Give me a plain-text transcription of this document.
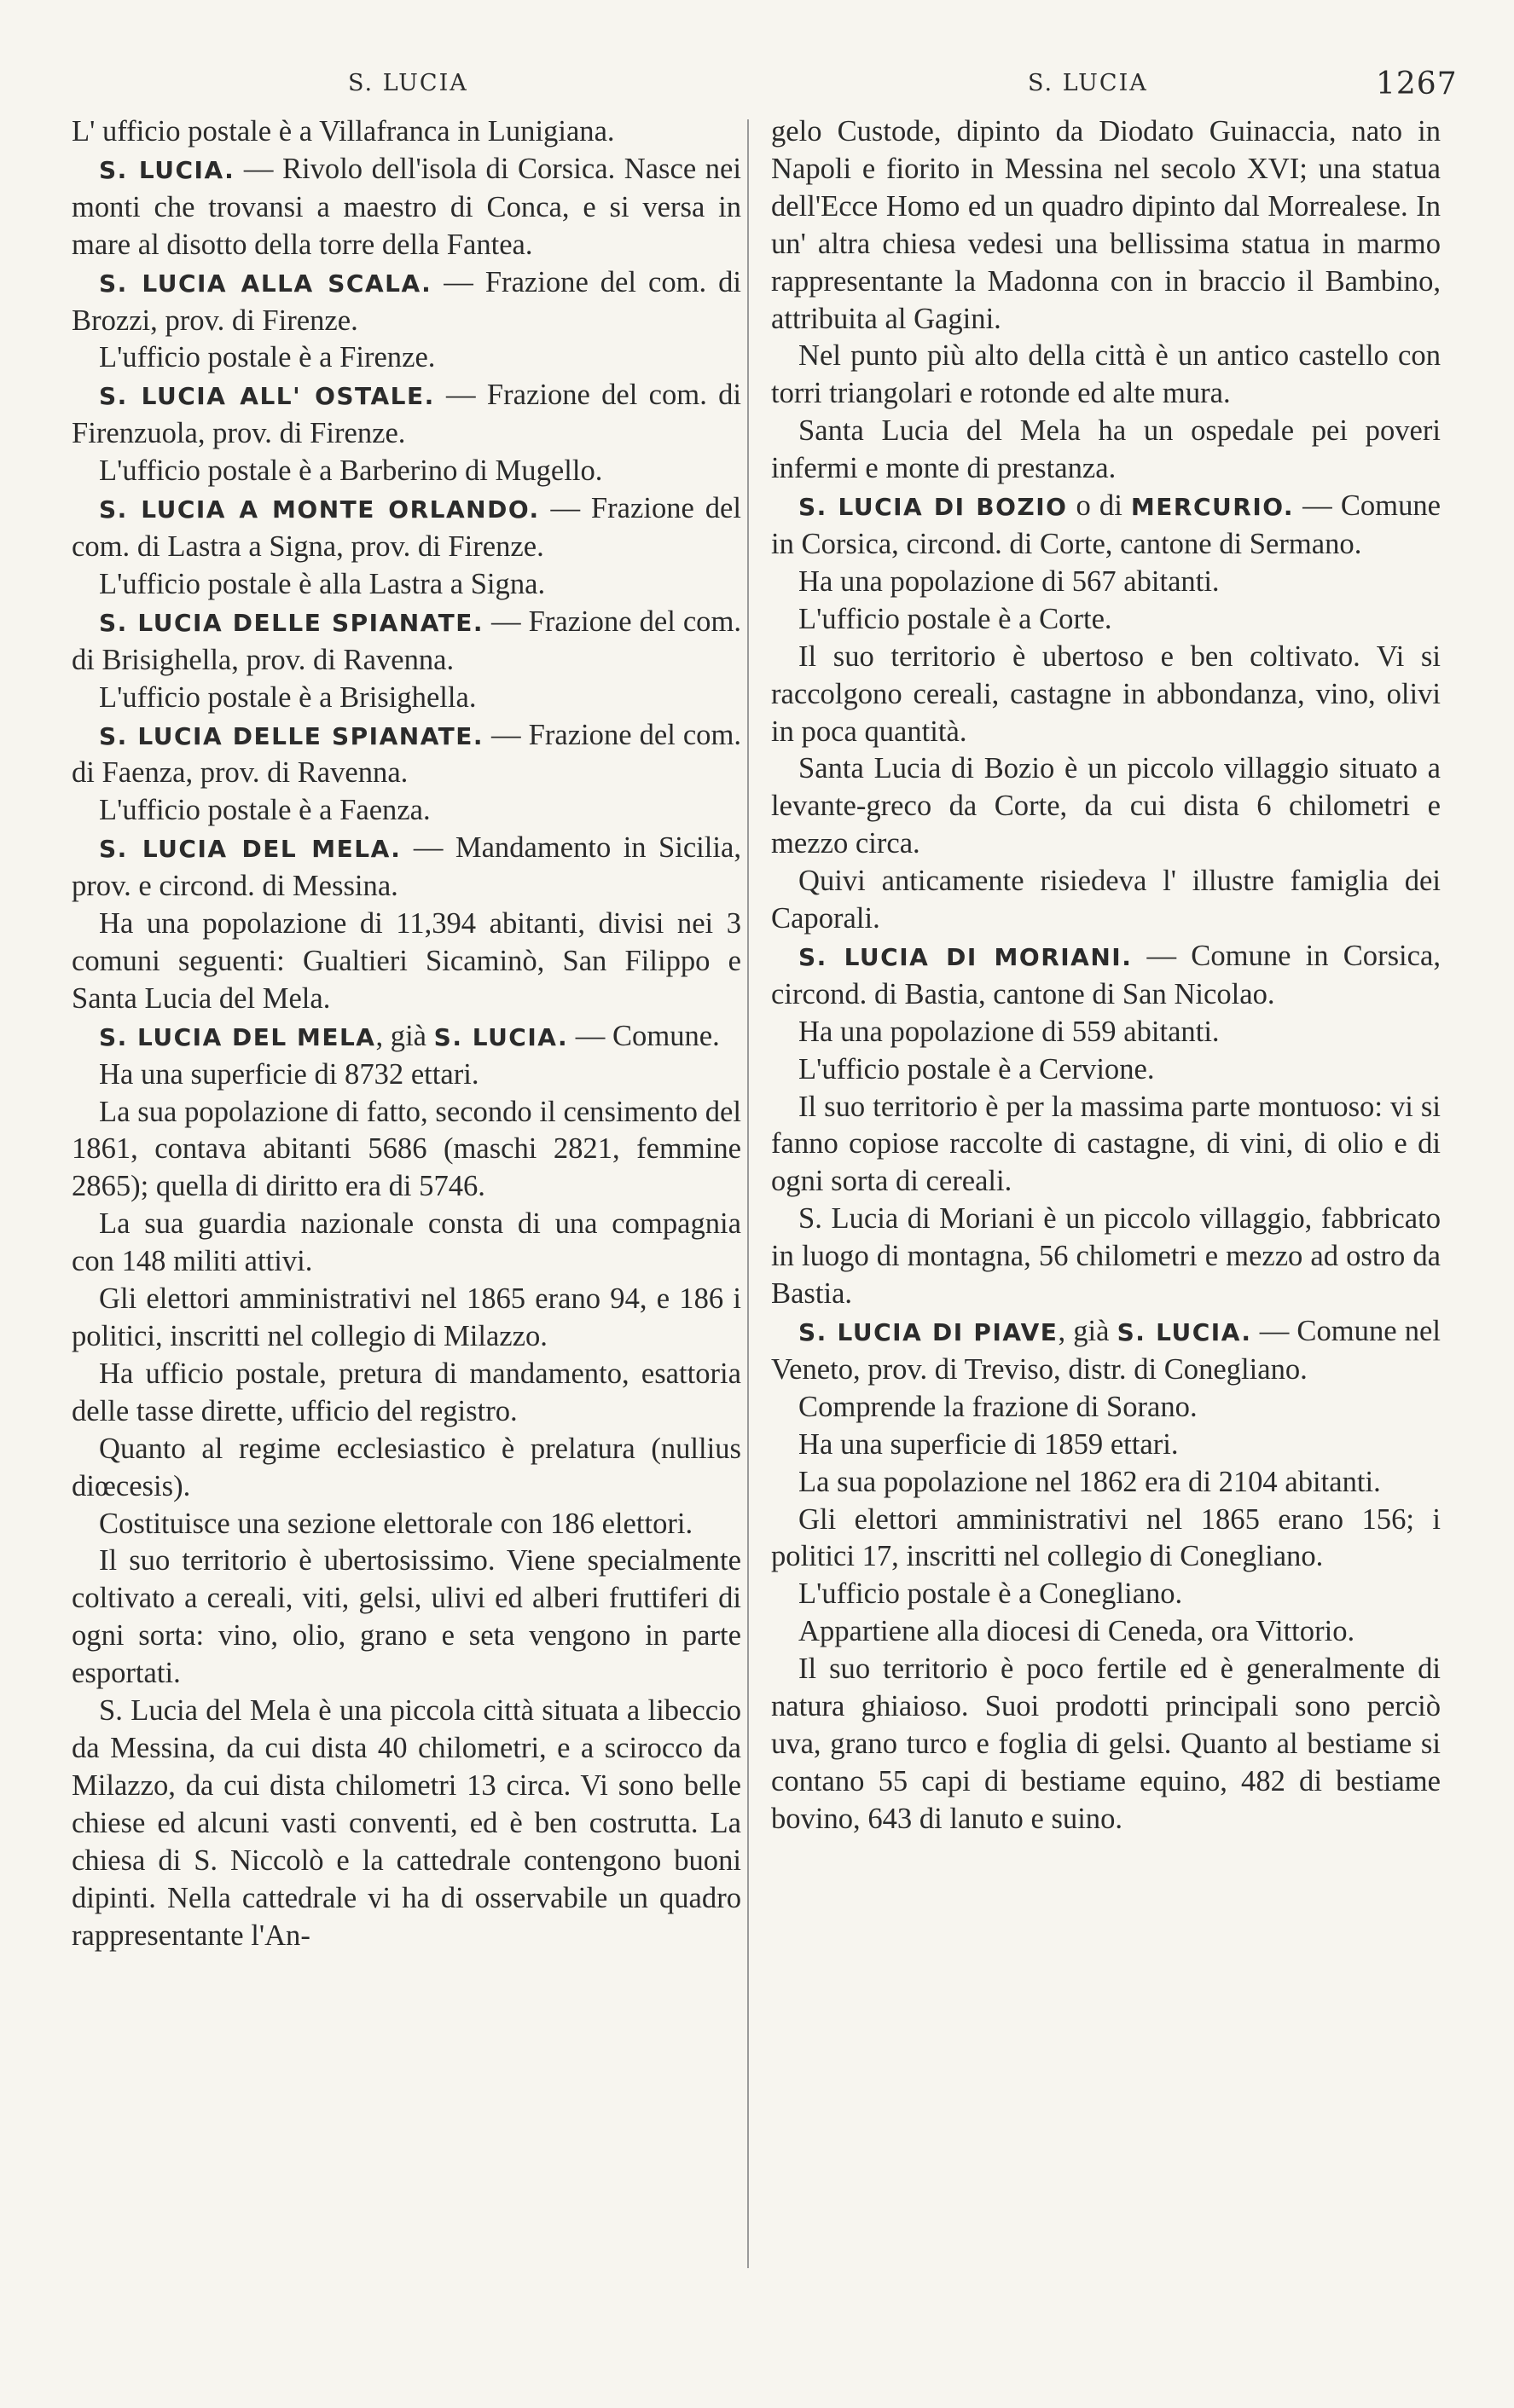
S. LUCIA	S. LUCIA	1267

L' ufficio postale è a Villafranca in Lunigiana.

S. LUCIA. — Rivolo dell'isola di Corsica. Nasce nei monti che trovansi a maestro di Conca, e si versa in mare al disotto della torre della Fantea.

S. LUCIA ALLA SCALA. — Frazione del com. di Brozzi, prov. di Firenze.

L'ufficio postale è a Firenze.

S. LUCIA ALL' OSTALE. — Frazione del com. di Firenzuola, prov. di Firenze.

L'ufficio postale è a Barberino di Mugello.

S. LUCIA A MONTE ORLANDO. — Frazione del com. di Lastra a Signa, prov. di Firenze.

L'ufficio postale è alla Lastra a Signa.

S. LUCIA DELLE SPIANATE. — Frazione del com. di Brisighella, prov. di Ravenna.

L'ufficio postale è a Brisighella.

S. LUCIA DELLE SPIANATE. — Frazione del com. di Faenza, prov. di Ravenna.

L'ufficio postale è a Faenza.

S. LUCIA DEL MELA. — Mandamento in Sicilia, prov. e circond. di Messina.

Ha una popolazione di 11,394 abitanti, divisi nei 3 comuni seguenti: Gualtieri Sicaminò, San Filippo e Santa Lucia del Mela.

S. LUCIA DEL MELA, già S. LUCIA. — Comune.

Ha una superficie di 8732 ettari.

La sua popolazione di fatto, secondo il censimento del 1861, contava abitanti 5686 (maschi 2821, femmine 2865); quella di diritto era di 5746.

La sua guardia nazionale consta di una compagnia con 148 militi attivi.

Gli elettori amministrativi nel 1865 erano 94, e 186 i politici, inscritti nel collegio di Milazzo.

Ha ufficio postale, pretura di mandamento, esattoria delle tasse dirette, ufficio del registro.

Quanto al regime ecclesiastico è prelatura (nullius diœcesis).

Costituisce una sezione elettorale con 186 elettori.

Il suo territorio è ubertosissimo. Viene specialmente coltivato a cereali, viti, gelsi, ulivi ed alberi fruttiferi di ogni sorta: vino, olio, grano e seta vengono in parte esportati.

S. Lucia del Mela è una piccola città situata a libeccio da Messina, da cui dista 40 chilometri, e a scirocco da Milazzo, da cui dista chilometri 13 circa. Vi sono belle chiese ed alcuni vasti conventi, ed è ben costrutta. La chiesa di S. Niccolò e la cattedrale contengono buoni dipinti. Nella cattedrale vi ha di osservabile un quadro rappresentante l'An-

gelo Custode, dipinto da Diodato Guinaccia, nato in Napoli e fiorito in Messina nel secolo XVI; una statua dell'Ecce Homo ed un quadro dipinto dal Morrealese. In un' altra chiesa vedesi una bellissima statua in marmo rappresentante la Madonna con in braccio il Bambino, attribuita al Gagini.

Nel punto più alto della città è un antico castello con torri triangolari e rotonde ed alte mura.

Santa Lucia del Mela ha un ospedale pei poveri infermi e monte di prestanza.

S. LUCIA DI BOZIO o di MERCURIO. — Comune in Corsica, circond. di Corte, cantone di Sermano.

Ha una popolazione di 567 abitanti.

L'ufficio postale è a Corte.

Il suo territorio è ubertoso e ben coltivato. Vi si raccolgono cereali, castagne in abbondanza, vino, olivi in poca quantità.

Santa Lucia di Bozio è un piccolo villaggio situato a levante-greco da Corte, da cui dista 6 chilometri e mezzo circa.

Quivi anticamente risiedeva l' illustre famiglia dei Caporali.

S. LUCIA DI MORIANI. — Comune in Corsica, circond. di Bastia, cantone di San Nicolao.

Ha una popolazione di 559 abitanti.

L'ufficio postale è a Cervione.

Il suo territorio è per la massima parte montuoso: vi si fanno copiose raccolte di castagne, di vini, di olio e di ogni sorta di cereali.

S. Lucia di Moriani è un piccolo villaggio, fabbricato in luogo di montagna, 56 chilometri e mezzo ad ostro da Bastia.

S. LUCIA DI PIAVE, già S. LUCIA. — Comune nel Veneto, prov. di Treviso, distr. di Conegliano.

Comprende la frazione di Sorano.

Ha una superficie di 1859 ettari.

La sua popolazione nel 1862 era di 2104 abitanti.

Gli elettori amministrativi nel 1865 erano 156; i politici 17, inscritti nel collegio di Conegliano.

L'ufficio postale è a Conegliano.

Appartiene alla diocesi di Ceneda, ora Vittorio.

Il suo territorio è poco fertile ed è generalmente di natura ghiaioso. Suoi prodotti principali sono perciò uva, grano turco e foglia di gelsi. Quanto al bestiame si contano 55 capi di bestiame equino, 482 di bestiame bovino, 643 di lanuto e suino.
